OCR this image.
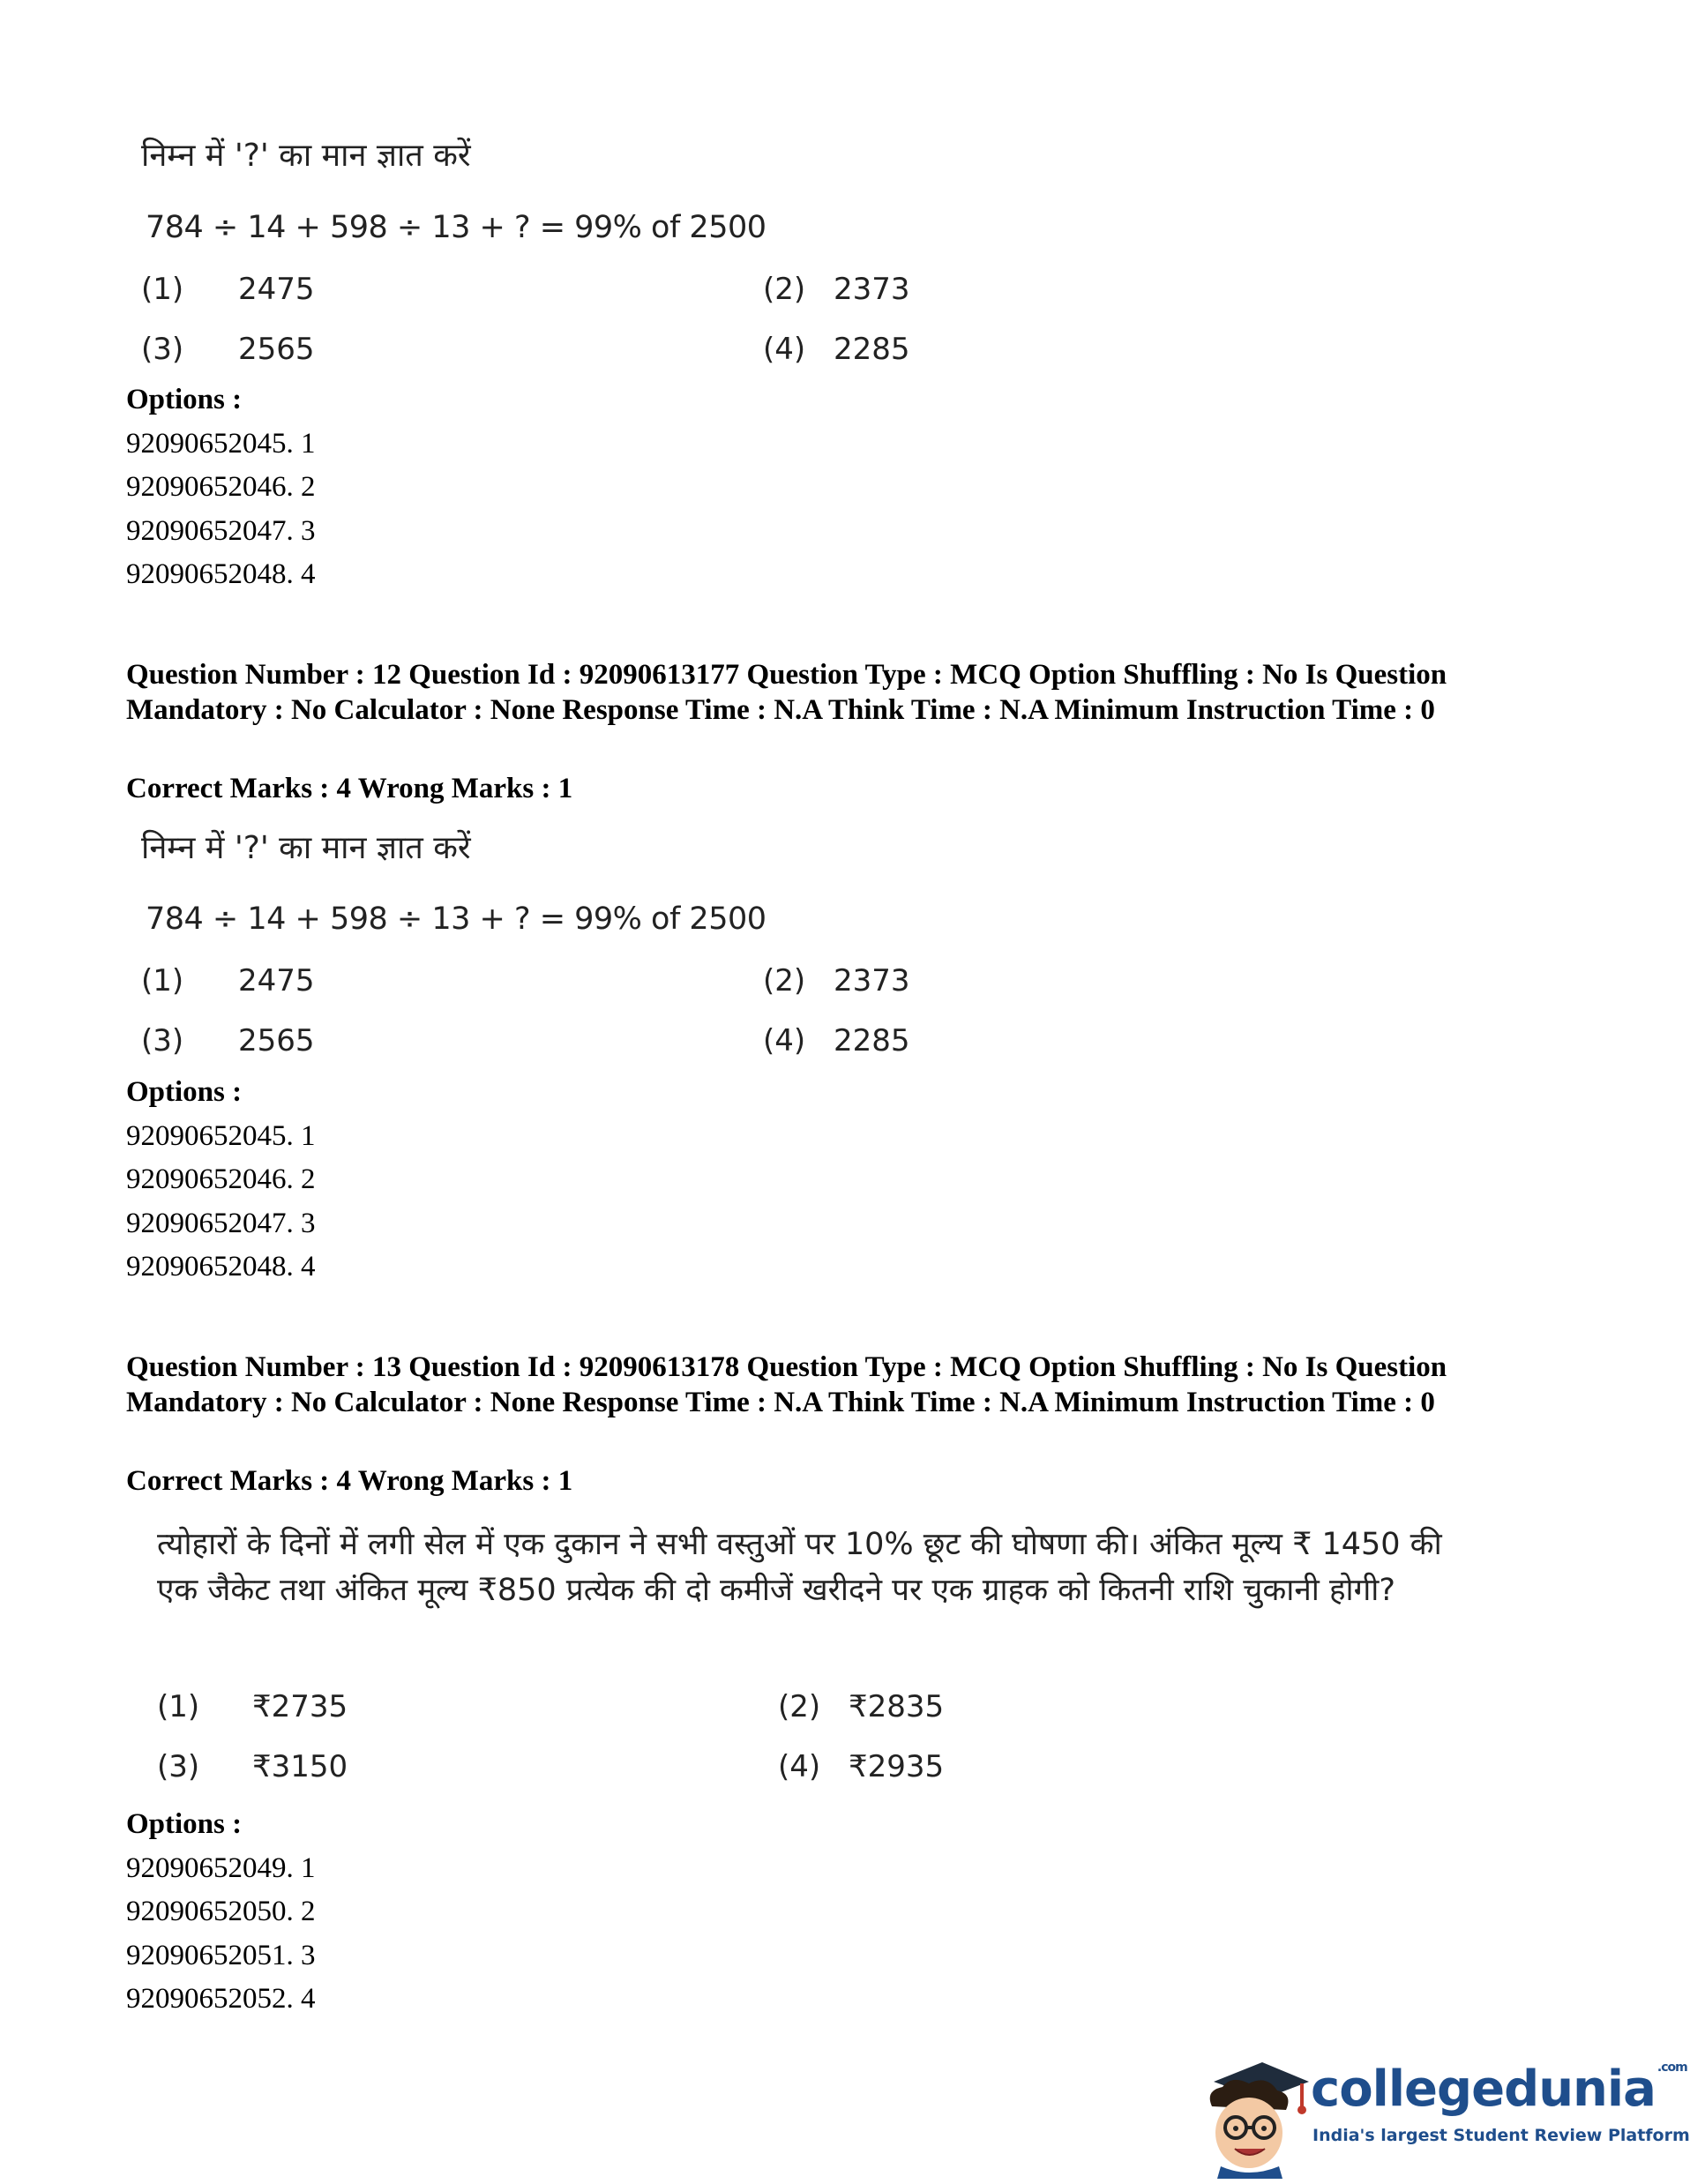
निम्न में '?' का मान ज्ञात करें
784 ÷ 14 + 598 ÷ 13 + ? = 99% of 2500
(1) 2475	(2) 2373
(3) 2565	(4) 2285
Options :
92090652045. 1
92090652046. 2
92090652047. 3
92090652048. 4
Question Number : 12 Question Id : 92090613177 Question Type : MCQ Option Shuffling : No Is Question Mandatory : No Calculator : None Response Time : N.A Think Time : N.A Minimum Instruction Time : 0
Correct Marks : 4 Wrong Marks : 1
निम्न में '?' का मान ज्ञात करें
784 ÷ 14 + 598 ÷ 13 + ? = 99% of 2500
(1) 2475	(2) 2373
(3) 2565	(4) 2285
Options :
92090652045. 1
92090652046. 2
92090652047. 3
92090652048. 4
Question Number : 13 Question Id : 92090613178 Question Type : MCQ Option Shuffling : No Is Question Mandatory : No Calculator : None Response Time : N.A Think Time : N.A Minimum Instruction Time : 0
Correct Marks : 4 Wrong Marks : 1
त्योहारों के दिनों में लगी सेल में एक दुकान ने सभी वस्तुओं पर 10% छूट की घोषणा की। अंकित मूल्य ₹ 1450 की एक जैकेट तथा अंकित मूल्य ₹850 प्रत्येक की दो कमीजें खरीदने पर एक ग्राहक को कितनी राशि चुकानी होगी?
(1) ₹2735	(2) ₹2835
(3) ₹3150	(4) ₹2935
Options :
92090652049. 1
92090652050. 2
92090652051. 3
92090652052. 4
collegedunia $^{.com}$
India's largest Student Review Platform
